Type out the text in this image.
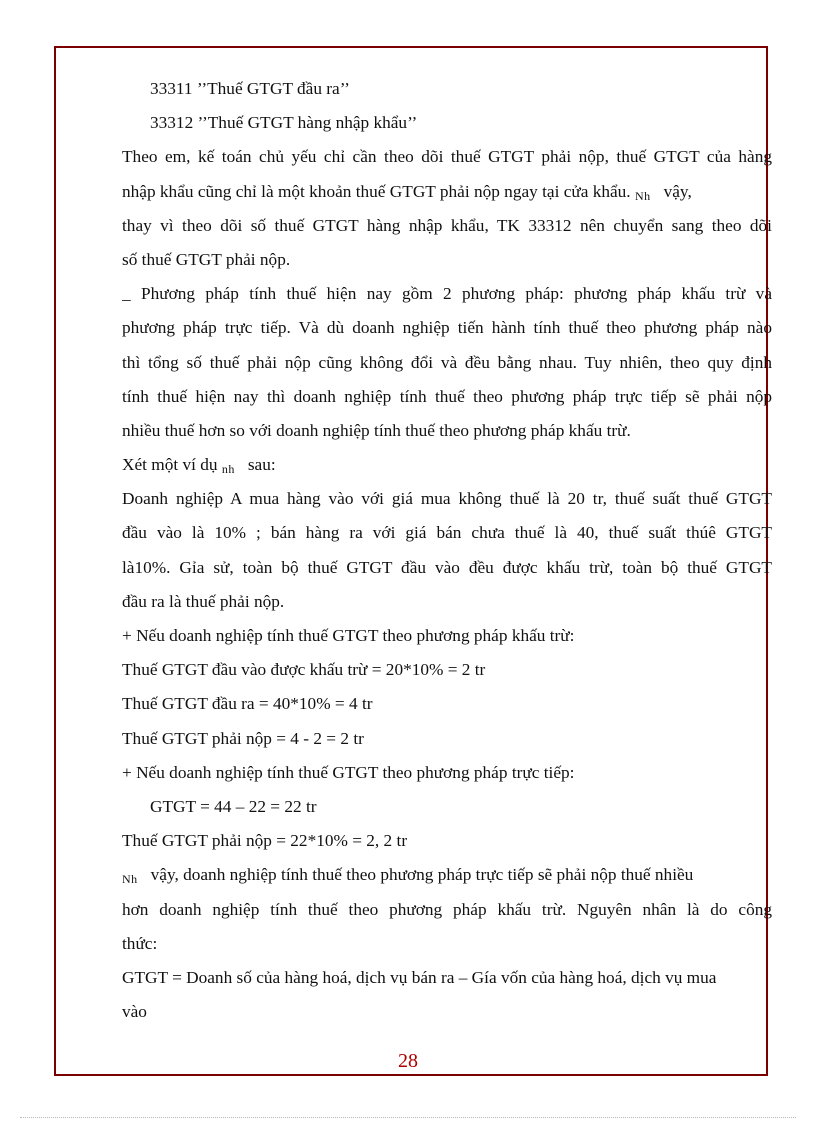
33311 ’’Thuế GTGT đầu ra’’
33312 ’’Thuế GTGT hàng nhập khẩu’’
Theo em, kế toán chủ yếu chỉ cần theo dõi thuế GTGT phải nộp, thuế GTGT của hàng
nhập khẩu cũng chỉ là một khoản thuế GTGT phải nộp ngay tại cửa khẩu. Nh vậy,
thay vì theo dõi số thuế GTGT hàng nhập khẩu, TK 33312 nên chuyển sang theo dõi
số thuế GTGT phải nộp.
_ Phương pháp tính thuế hiện nay gồm 2 phương pháp: phương pháp khấu trừ và
phương pháp trực tiếp. Và dù doanh nghiệp tiến hành tính thuế theo phương pháp nào
thì tổng số thuế phải nộp cũng không đổi và đều bằng nhau. Tuy nhiên, theo quy định
tính thuế hiện nay thì doanh nghiệp tính thuế theo phương pháp trực tiếp sẽ phải nộp
nhiều thuế hơn so với doanh nghiệp tính thuế theo phương pháp khấu trừ.
Xét một ví dụ nh sau:
Doanh nghiệp A mua hàng vào với giá mua không thuế là 20 tr, thuế suất thuế GTGT
đầu vào là 10% ; bán hàng ra với giá bán chưa thuế là 40, thuế suất thúê GTGT
là10%. Gỉa sử, toàn bộ thuế GTGT đầu vào đều được khấu trừ, toàn bộ thuế GTGT
đầu ra là thuế phải nộp.
+ Nếu doanh nghiệp tính thuế GTGT theo phương pháp khấu trừ:
Thuế GTGT đầu vào được khấu trừ = 20*10% = 2 tr
Thuế GTGT đầu ra = 40*10% = 4 tr
Thuế GTGT phải nộp = 4 - 2 = 2 tr
+ Nếu doanh nghiệp tính thuế GTGT theo phương pháp trực tiếp:
GTGT = 44 – 22 = 22 tr
Thuế GTGT phải nộp = 22*10% = 2, 2 tr
Nh vậy, doanh nghiệp tính thuế theo phương pháp trực tiếp sẽ phải nộp thuế nhiều
hơn doanh nghiệp tính thuế theo phương pháp khấu trừ. Nguyên nhân là do công
thức:
GTGT = Doanh số của hàng hoá, dịch vụ bán ra – Gía vốn của hàng hoá, dịch vụ mua
vào
28
